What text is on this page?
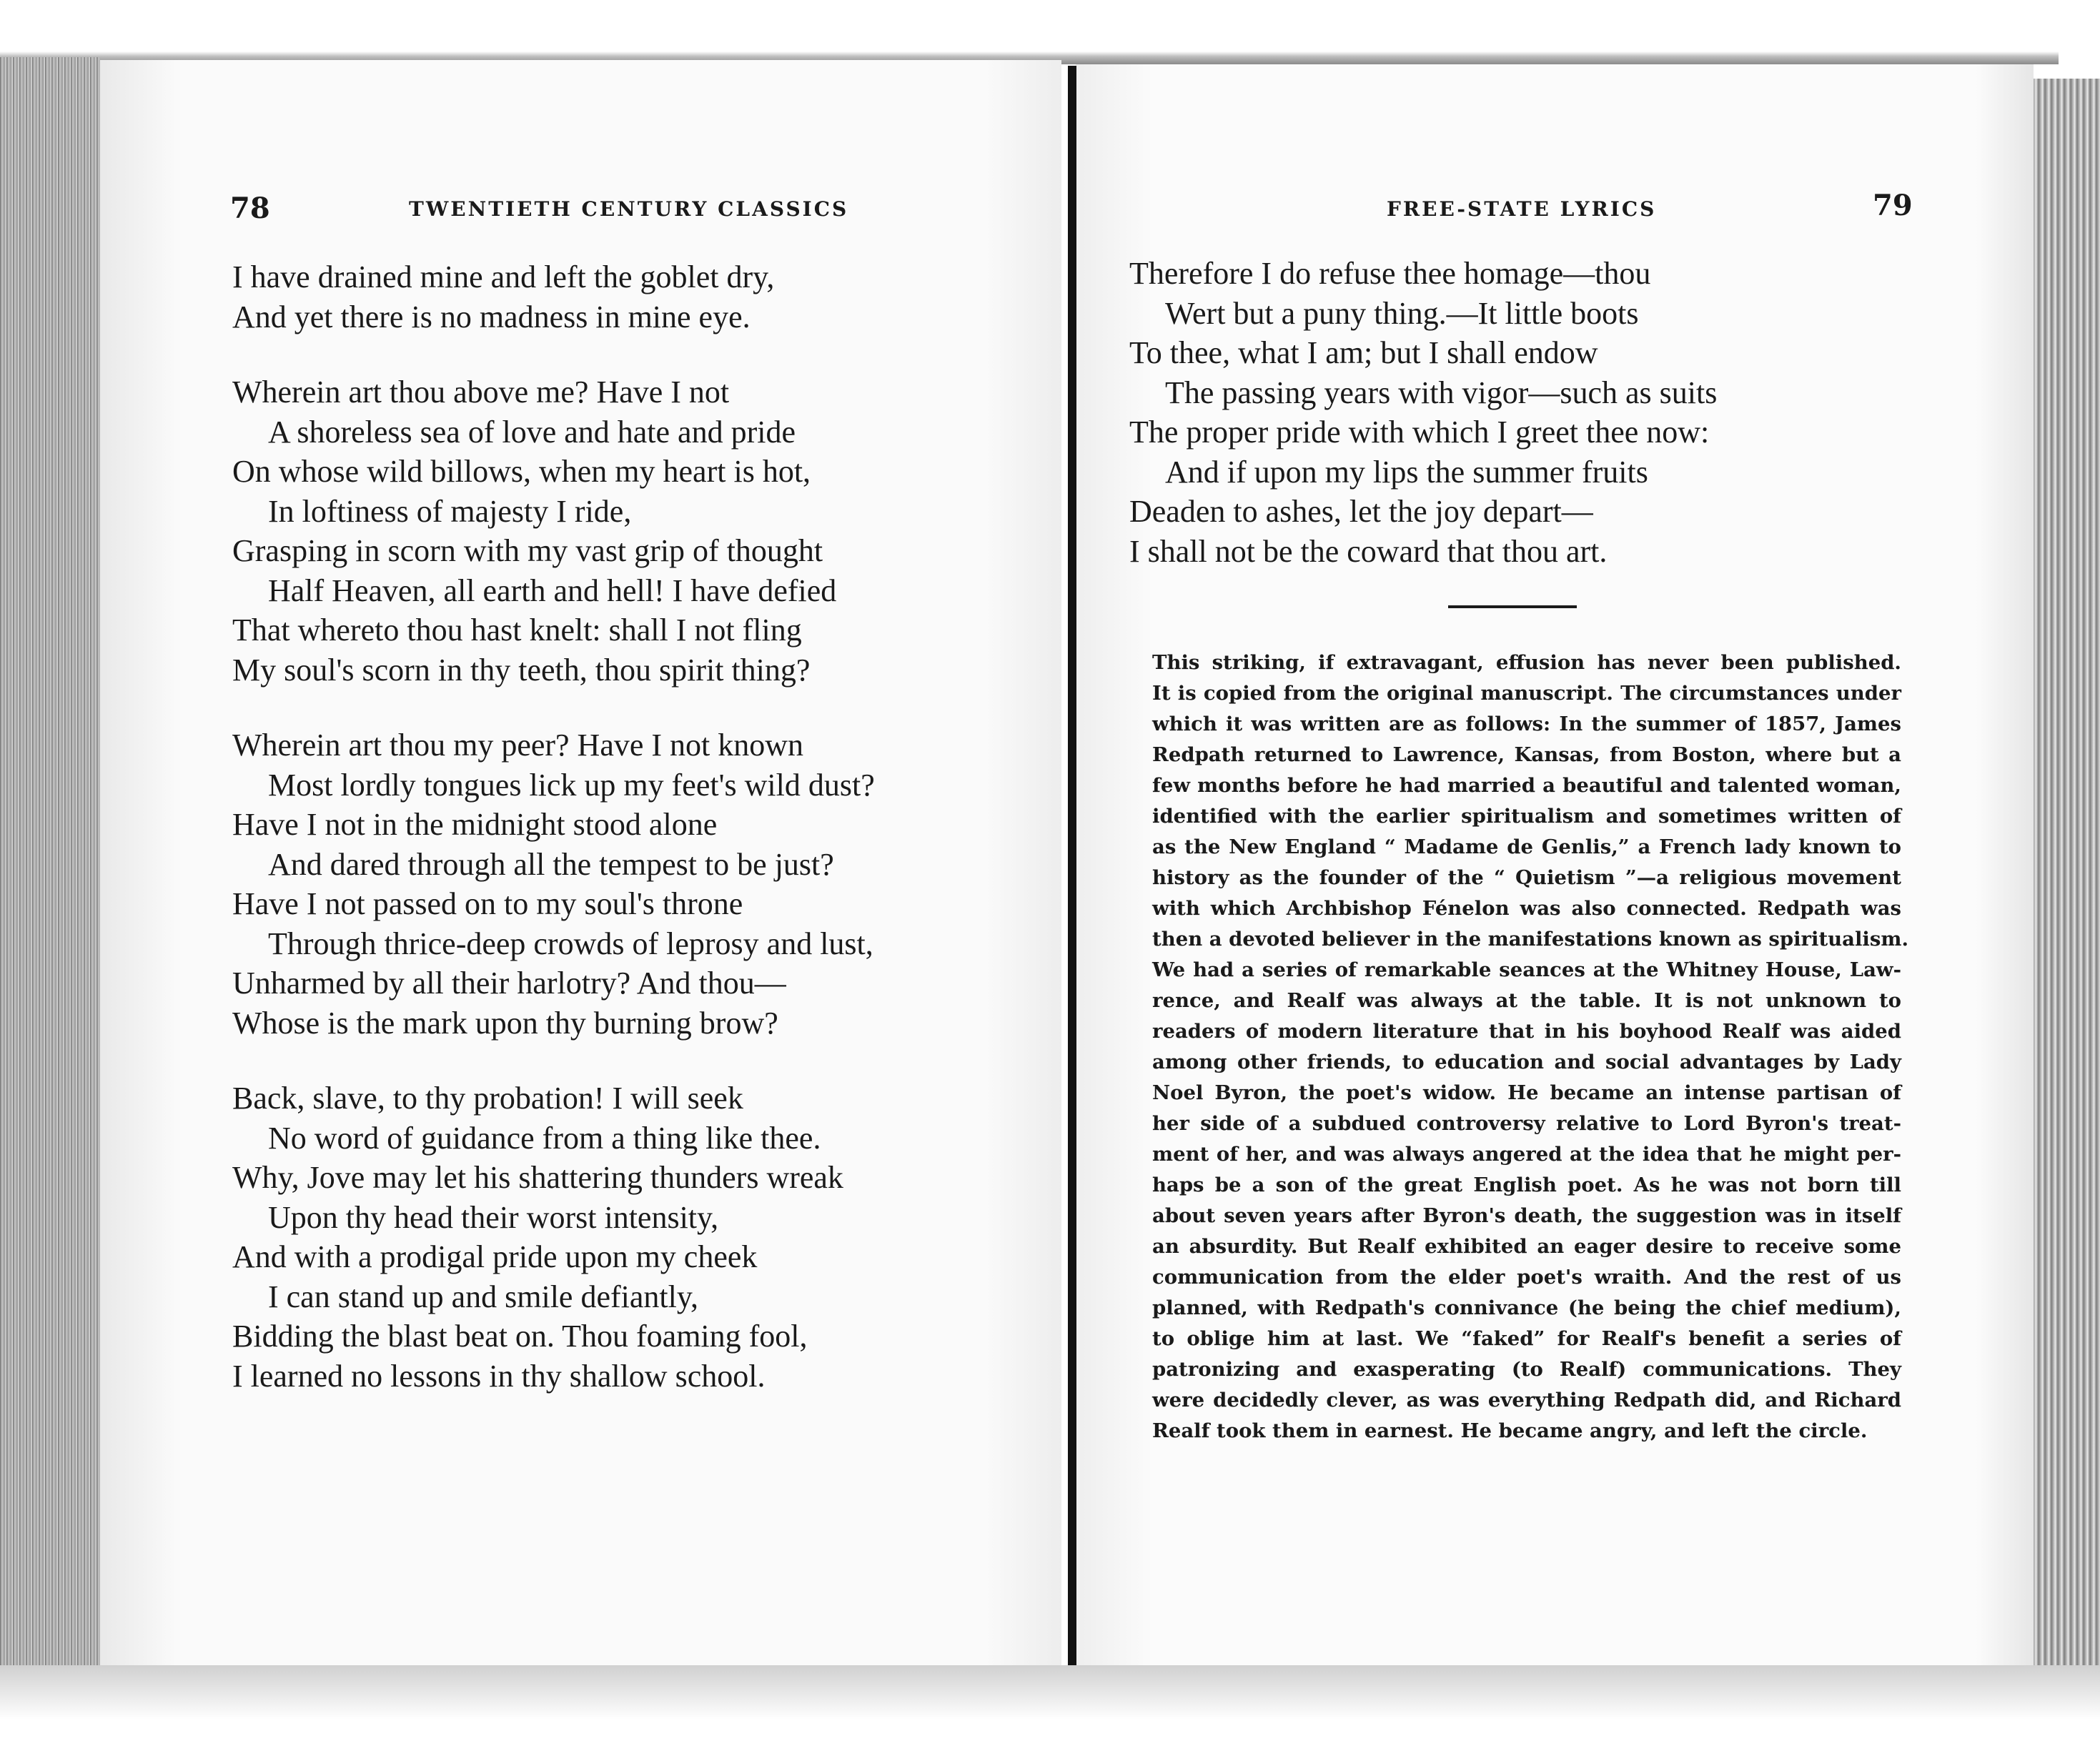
78	TWENTIETH CENTURY CLASSICS	FREE-STATE LYRICS	79
I have drained mine and left the goblet dry,
And yet there is no madness in mine eye.
Wherein art thou above me? Have I not
A shoreless sea of love and hate and pride
On whose wild billows, when my heart is hot,
In loftiness of majesty I ride,
Grasping in scorn with my vast grip of thought
Half Heaven, all earth and hell! I have defied
That whereto thou hast knelt: shall I not fling
My soul's scorn in thy teeth, thou spirit thing?
Wherein art thou my peer? Have I not known
Most lordly tongues lick up my feet's wild dust?
Have I not in the midnight stood alone
And dared through all the tempest to be just?
Have I not passed on to my soul's throne
Through thrice-deep crowds of leprosy and lust,
Unharmed by all their harlotry? And thou—
Whose is the mark upon thy burning brow?
Back, slave, to thy probation! I will seek
No word of guidance from a thing like thee.
Why, Jove may let his shattering thunders wreak
Upon thy head their worst intensity,
And with a prodigal pride upon my cheek
I can stand up and smile defiantly,
Bidding the blast beat on. Thou foaming fool,
I learned no lessons in thy shallow school.
Therefore I do refuse thee homage—thou
Wert but a puny thing.—It little boots
To thee, what I am; but I shall endow
The passing years with vigor—such as suits
The proper pride with which I greet thee now:
And if upon my lips the summer fruits
Deaden to ashes, let the joy depart—
I shall not be the coward that thou art.
This striking, if extravagant, effusion has never been published.
It is copied from the original manuscript. The circumstances under
which it was written are as follows: In the summer of 1857, James
Redpath returned to Lawrence, Kansas, from Boston, where but a
few months before he had married a beautiful and talented woman,
identified with the earlier spiritualism and sometimes written of
as the New England “ Madame de Genlis,” a French lady known to
history as the founder of the “ Quietism ”—a religious movement
with which Archbishop Fénelon was also connected. Redpath was
then a devoted believer in the manifestations known as spiritualism.
We had a series of remarkable seances at the Whitney House, Law-
rence, and Realf was always at the table. It is not unknown to
readers of modern literature that in his boyhood Realf was aided
among other friends, to education and social advantages by Lady
Noel Byron, the poet's widow. He became an intense partisan of
her side of a subdued controversy relative to Lord Byron's treat-
ment of her, and was always angered at the idea that he might per-
haps be a son of the great English poet. As he was not born till
about seven years after Byron's death, the suggestion was in itself
an absurdity. But Realf exhibited an eager desire to receive some
communication from the elder poet's wraith. And the rest of us
planned, with Redpath's connivance (he being the chief medium),
to oblige him at last. We “faked” for Realf's benefit a series of
patronizing and exasperating (to Realf) communications. They
were decidedly clever, as was everything Redpath did, and Richard
Realf took them in earnest. He became angry, and left the circle.
